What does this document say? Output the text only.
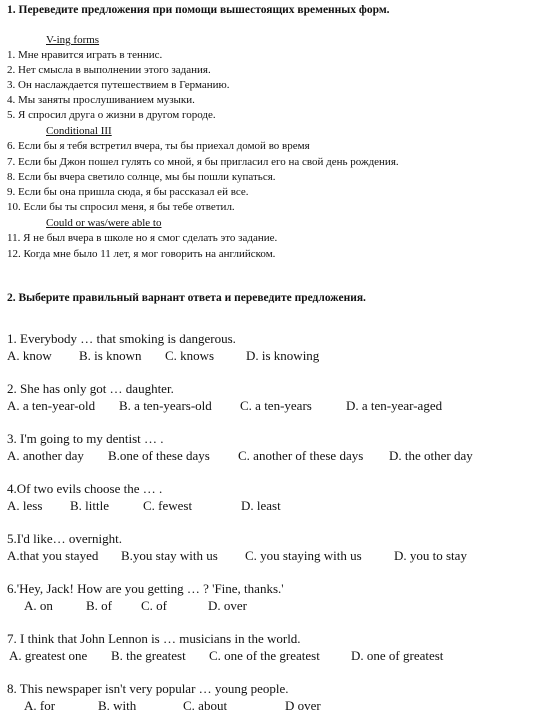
1. Переведите предложения при помощи вышестоящих временных форм.
V-ing forms
1. Мне нравится играть в теннис.
2. Нет смысла в выполнении этого задания.
3. Он наслаждается путешествием в Германию.
4. Мы заняты прослушиванием музыки.
5. Я спросил друга о жизни в другом городе.
Conditional III
6. Если бы я тебя встретил вчера, ты бы приехал домой во время
7. Если бы Джон пошел гулять со мной, я бы пригласил его на свой день рождения.
8. Если бы вчера светило солнце, мы бы пошли купаться.
9. Если бы она пришла сюда, я бы рассказал ей все.
10. Если бы ты спросил меня, я бы тебе ответил.
Could or was/were able to
11. Я не был вчера в школе но я смог сделать это задание.
12. Когда мне было 11 лет, я мог говорить на английском.
2. Выберите правильный варнант ответа и переведите предложения.
1. Everybody … that smoking is dangerous.
A. know B. is known C. knows D. is knowing
2. She has only got … daughter.
A. a ten-year-old B. a ten-years-old C. a ten-years	D. a ten-year-aged
3. I'm going to my dentist … .
A. another day B.one of these days C. another of these days D. the other day
4.Of two evils choose the … .
A. less B. little	C. fewest	D. least
5.I'd like… overnight.
A.that you stayed B.you stay with us C. you staying with us D. you to stay
6.'Hey, Jack! How are you getting … ? 'Fine, thanks.'
A. on	B. of C. of	D. over
7. I think that John Lennon is … musicians in the world.
A. greatest one B. the greatest C. one of the greatest D. one of greatest
8. This newspaper isn't very popular … young people.
A. for	B. with	C. about	D over
